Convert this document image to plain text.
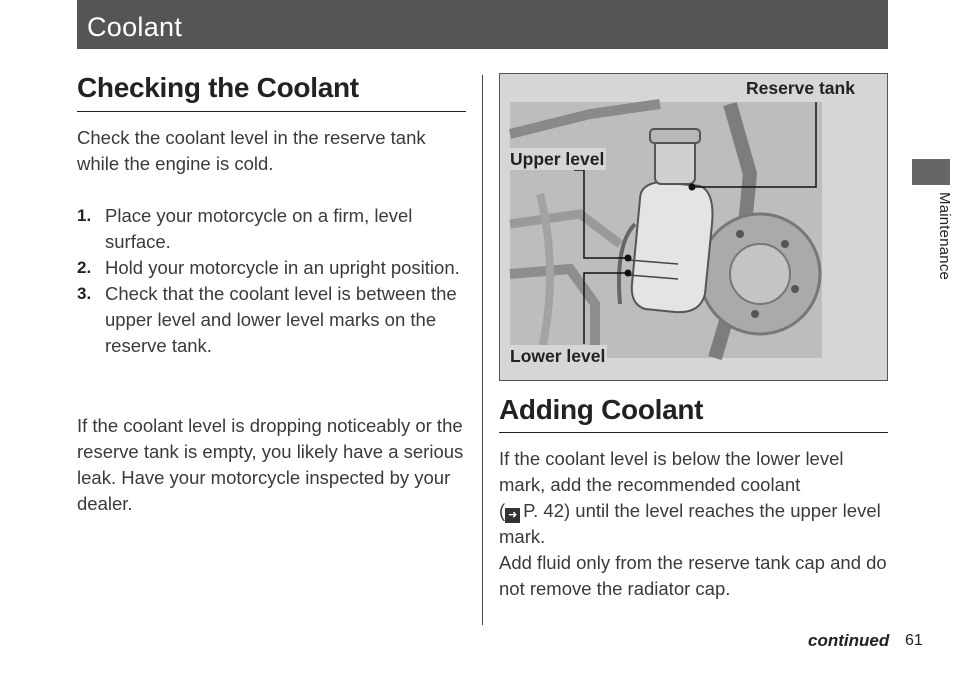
Coolant
Checking the Coolant
Check the coolant level in the reserve tank while the engine is cold.
1. Place your motorcycle on a firm, level surface.
2. Hold your motorcycle in an upright position.
3. Check that the coolant level is between the upper level and lower level marks on the reserve tank.
If the coolant level is dropping noticeably or the reserve tank is empty, you likely have a serious leak. Have your motorcycle inspected by your dealer.
Reserve tank
Upper level
Lower level
Adding Coolant
If the coolant level is below the lower level mark, add the recommended coolant
( ➜ P. 42) until the level reaches the upper level mark.
Add fluid only from the reserve tank cap and do not remove the radiator cap.
Maintenance
continued 61
